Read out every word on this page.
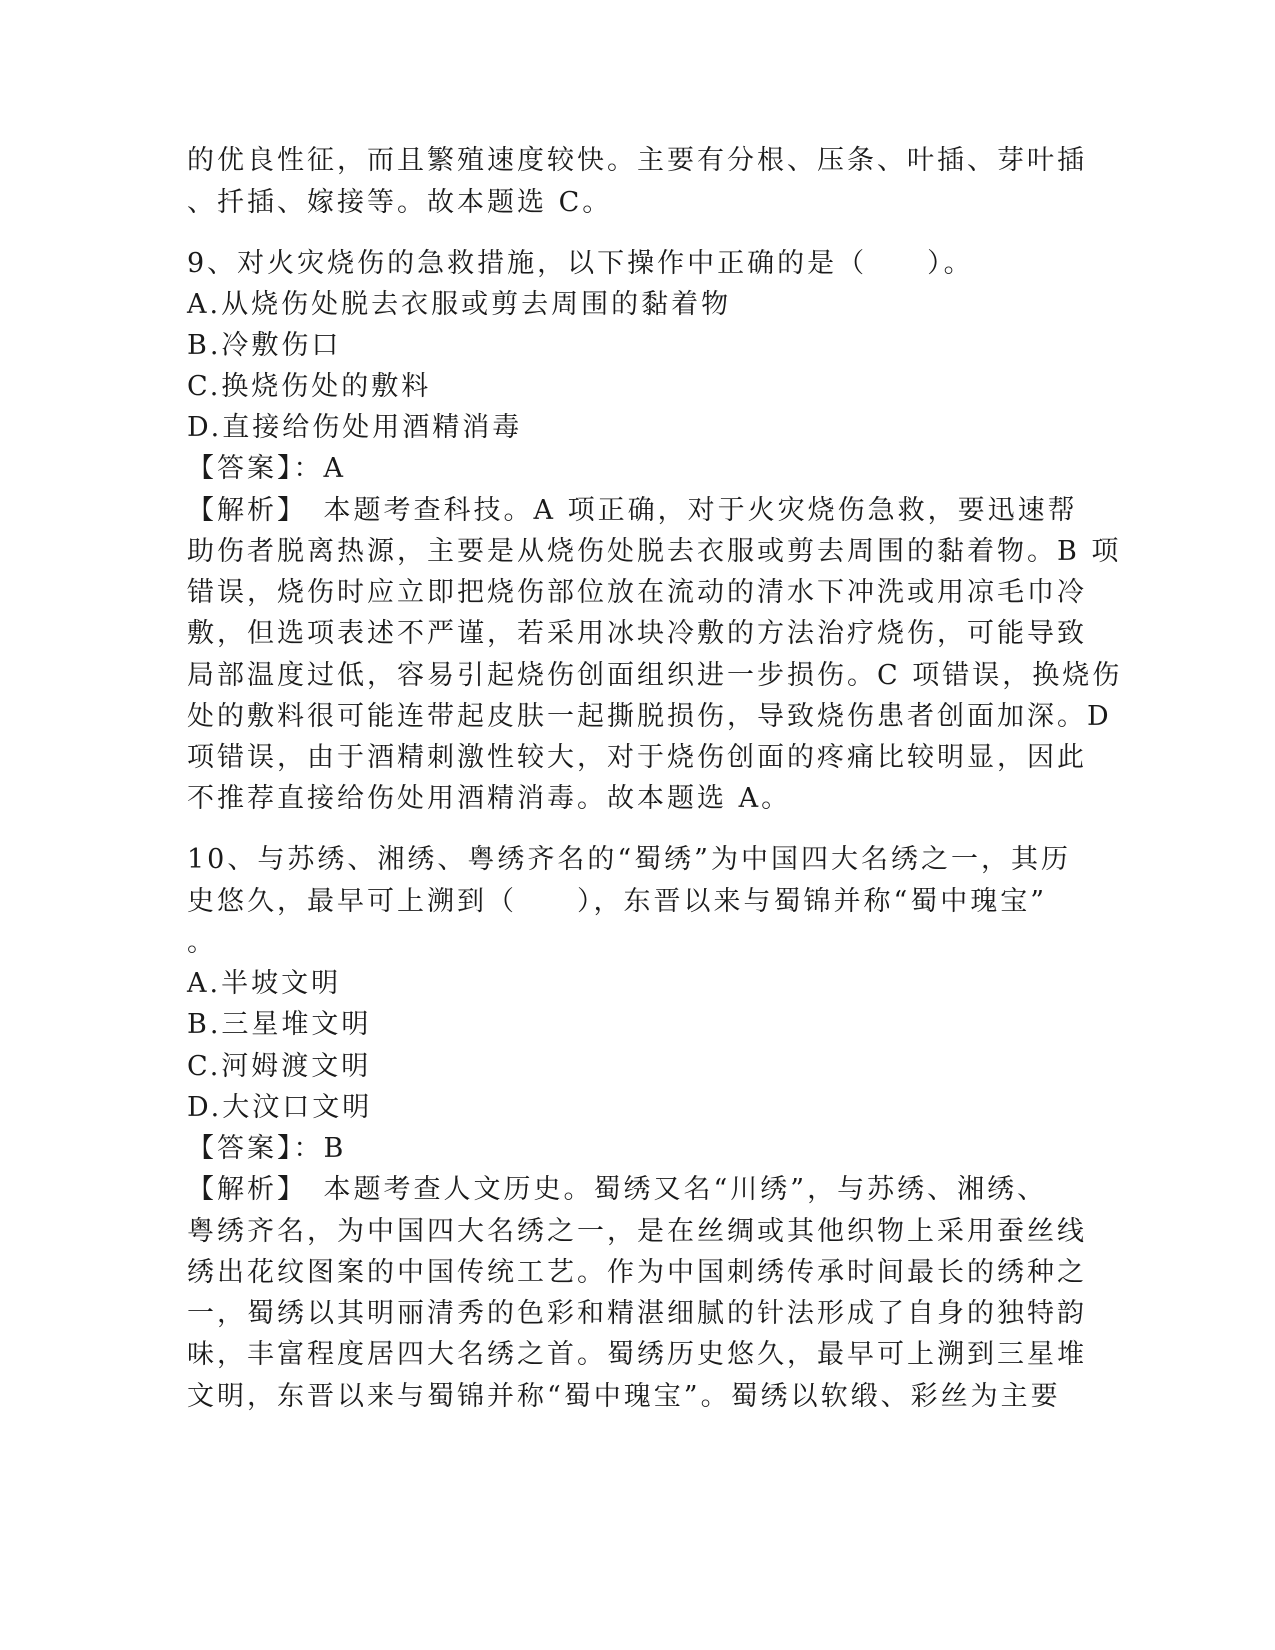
的优良性征，而且繁殖速度较快。主要有分根、压条、叶插、芽叶插
、扦插、嫁接等。故本题选 C。
9、对火灾烧伤的急救措施，以下操作中正确的是（　　）。
A.从烧伤处脱去衣服或剪去周围的黏着物
B.冷敷伤口
C.换烧伤处的敷料
D.直接给伤处用酒精消毒
【答案】：A
【解析】　本题考查科技。A 项正确，对于火灾烧伤急救，要迅速帮
助伤者脱离热源，主要是从烧伤处脱去衣服或剪去周围的黏着物。B 项
错误，烧伤时应立即把烧伤部位放在流动的清水下冲洗或用凉毛巾冷
敷，但选项表述不严谨，若采用冰块冷敷的方法治疗烧伤，可能导致
局部温度过低，容易引起烧伤创面组织进一步损伤。C 项错误，换烧伤
处的敷料很可能连带起皮肤一起撕脱损伤，导致烧伤患者创面加深。D
项错误，由于酒精刺激性较大，对于烧伤创面的疼痛比较明显，因此
不推荐直接给伤处用酒精消毒。故本题选 A。
10、与苏绣、湘绣、粤绣齐名的“蜀绣”为中国四大名绣之一，其历
史悠久，最早可上溯到（　　），东晋以来与蜀锦并称“蜀中瑰宝”
。
A.半坡文明
B.三星堆文明
C.河姆渡文明
D.大汶口文明
【答案】：B
【解析】　本题考查人文历史。蜀绣又名“川绣”，与苏绣、湘绣、
粤绣齐名，为中国四大名绣之一，是在丝绸或其他织物上采用蚕丝线
绣出花纹图案的中国传统工艺。作为中国刺绣传承时间最长的绣种之
一，蜀绣以其明丽清秀的色彩和精湛细腻的针法形成了自身的独特韵
味，丰富程度居四大名绣之首。蜀绣历史悠久，最早可上溯到三星堆
文明，东晋以来与蜀锦并称“蜀中瑰宝”。蜀绣以软缎、彩丝为主要
